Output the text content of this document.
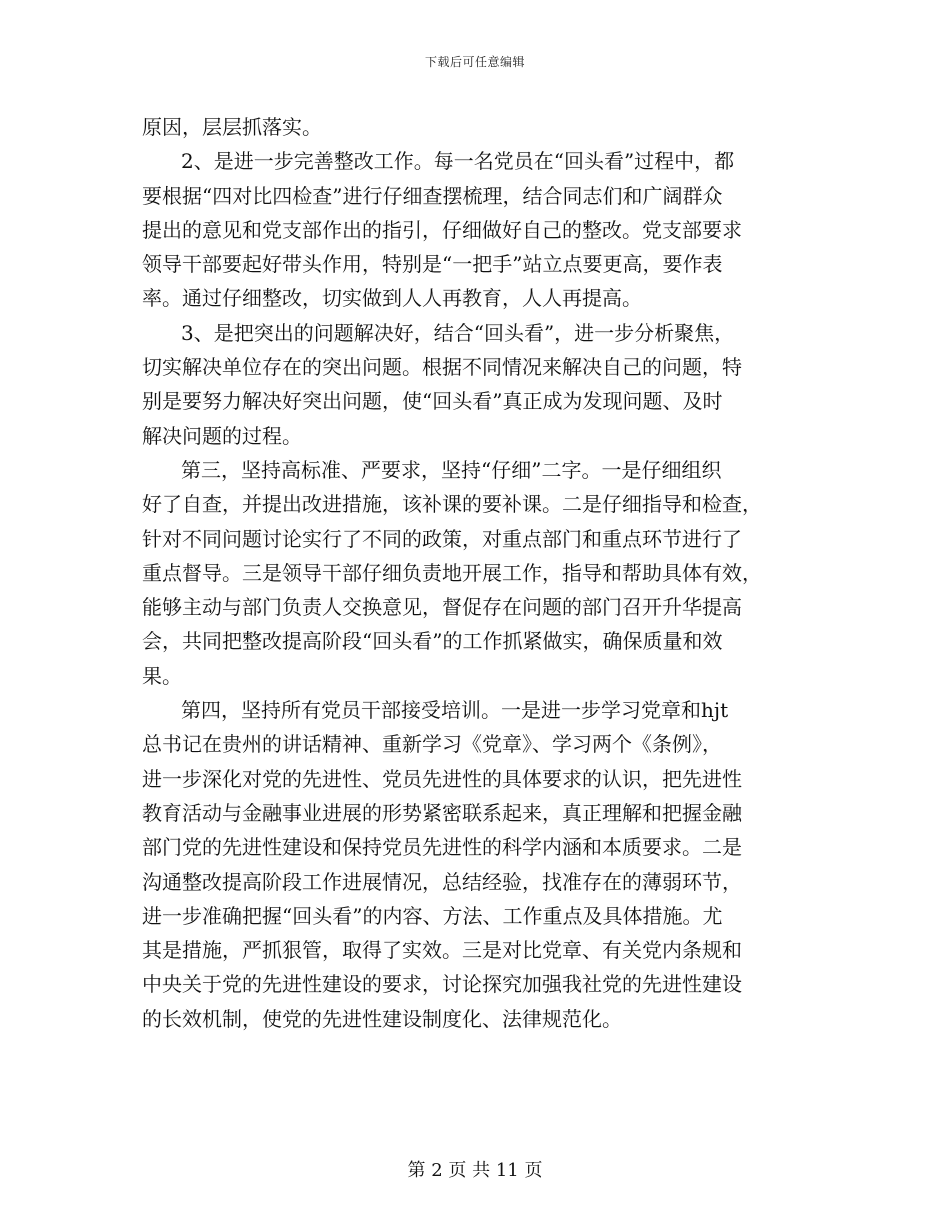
下载后可任意编辑
原因，层层抓落实。
2、是进一步完善整改工作。每一名党员在“回头看”过程中，都
要根据“四对比四检查”进行仔细查摆梳理，结合同志们和广阔群众
提出的意见和党支部作出的指引，仔细做好自己的整改。党支部要求
领导干部要起好带头作用，特别是“一把手”站立点要更高，要作表
率。通过仔细整改，切实做到人人再教育，人人再提高。
3、是把突出的问题解决好，结合“回头看”，进一步分析聚焦，
切实解决单位存在的突出问题。根据不同情况来解决自己的问题，特
别是要努力解决好突出问题，使“回头看”真正成为发现问题、及时
解决问题的过程。
第三，坚持高标准、严要求，坚持“仔细”二字。一是仔细组织
好了自查，并提出改进措施，该补课的要补课。二是仔细指导和检查，
针对不同问题讨论实行了不同的政策，对重点部门和重点环节进行了
重点督导。三是领导干部仔细负责地开展工作，指导和帮助具体有效，
能够主动与部门负责人交换意见，督促存在问题的部门召开升华提高
会，共同把整改提高阶段“回头看”的工作抓紧做实，确保质量和效
果。
第四，坚持所有党员干部接受培训。一是进一步学习党章和hjt
总书记在贵州的讲话精神、重新学习《党章》、学习两个《条例》，
进一步深化对党的先进性、党员先进性的具体要求的认识，把先进性
教育活动与金融事业进展的形势紧密联系起来，真正理解和把握金融
部门党的先进性建设和保持党员先进性的科学内涵和本质要求。二是
沟通整改提高阶段工作进展情况，总结经验，找准存在的薄弱环节，
进一步准确把握“回头看”的内容、方法、工作重点及具体措施。尤
其是措施，严抓狠管，取得了实效。三是对比党章、有关党内条规和
中央关于党的先进性建设的要求，讨论探究加强我社党的先进性建设
的长效机制，使党的先进性建设制度化、法律规范化。
第 2 页 共 11 页
